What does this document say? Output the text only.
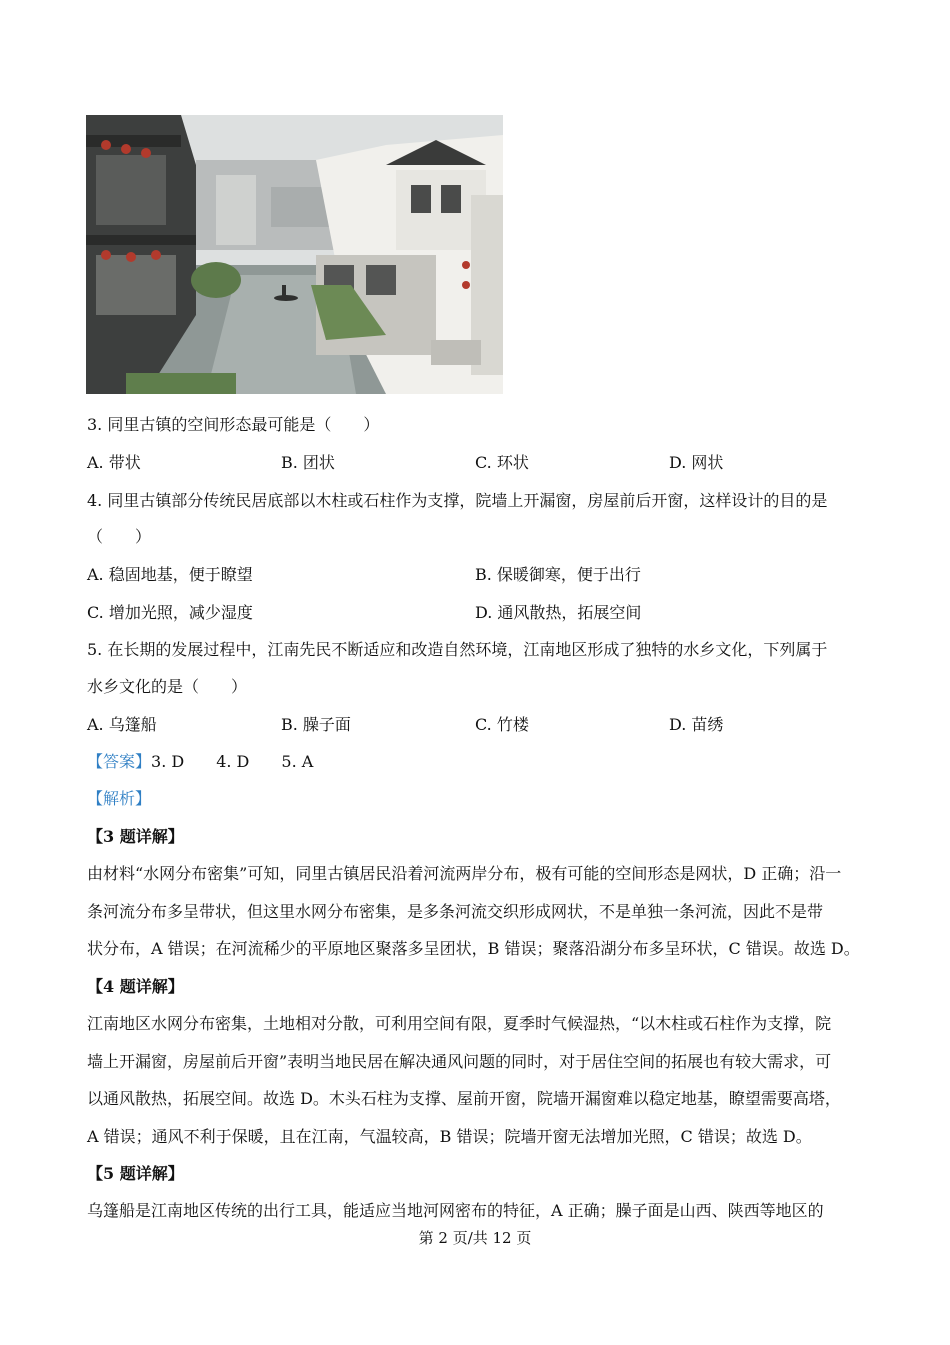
3. 同里古镇的空间形态最可能是（　　）
A. 带状	B. 团状	C. 环状	D. 网状
4. 同里古镇部分传统民居底部以木柱或石柱作为支撑，院墙上开漏窗，房屋前后开窗，这样设计的目的是
（　　）
A. 稳固地基，便于瞭望	B. 保暖御寒，便于出行
C. 增加光照，减少湿度	D. 通风散热，拓展空间
5. 在长期的发展过程中，江南先民不断适应和改造自然环境，江南地区形成了独特的水乡文化，下列属于
水乡文化的是（　　）
A. 乌篷船	B. 臊子面	C. 竹楼	D. 苗绣
【答案】3. D 4. D 5. A
【解析】
【3 题详解】
由材料“水网分布密集”可知，同里古镇居民沿着河流两岸分布，极有可能的空间形态是网状，D 正确；沿一
条河流分布多呈带状，但这里水网分布密集，是多条河流交织形成网状，不是单独一条河流，因此不是带
状分布，A 错误；在河流稀少的平原地区聚落多呈团状，B 错误；聚落沿湖分布多呈环状，C 错误。故选 D。
【4 题详解】
江南地区水网分布密集，土地相对分散，可利用空间有限，夏季时气候湿热，“以木柱或石柱作为支撑，院
墙上开漏窗，房屋前后开窗”表明当地民居在解决通风问题的同时，对于居住空间的拓展也有较大需求，可
以通风散热，拓展空间。故选 D。木头石柱为支撑、屋前开窗，院墙开漏窗难以稳定地基，瞭望需要高塔，
A 错误；通风不利于保暖，且在江南，气温较高，B 错误；院墙开窗无法增加光照，C 错误；故选 D。
【5 题详解】
乌篷船是江南地区传统的出行工具，能适应当地河网密布的特征，A 正确；臊子面是山西、陕西等地区的
第 2 页/共 12 页
